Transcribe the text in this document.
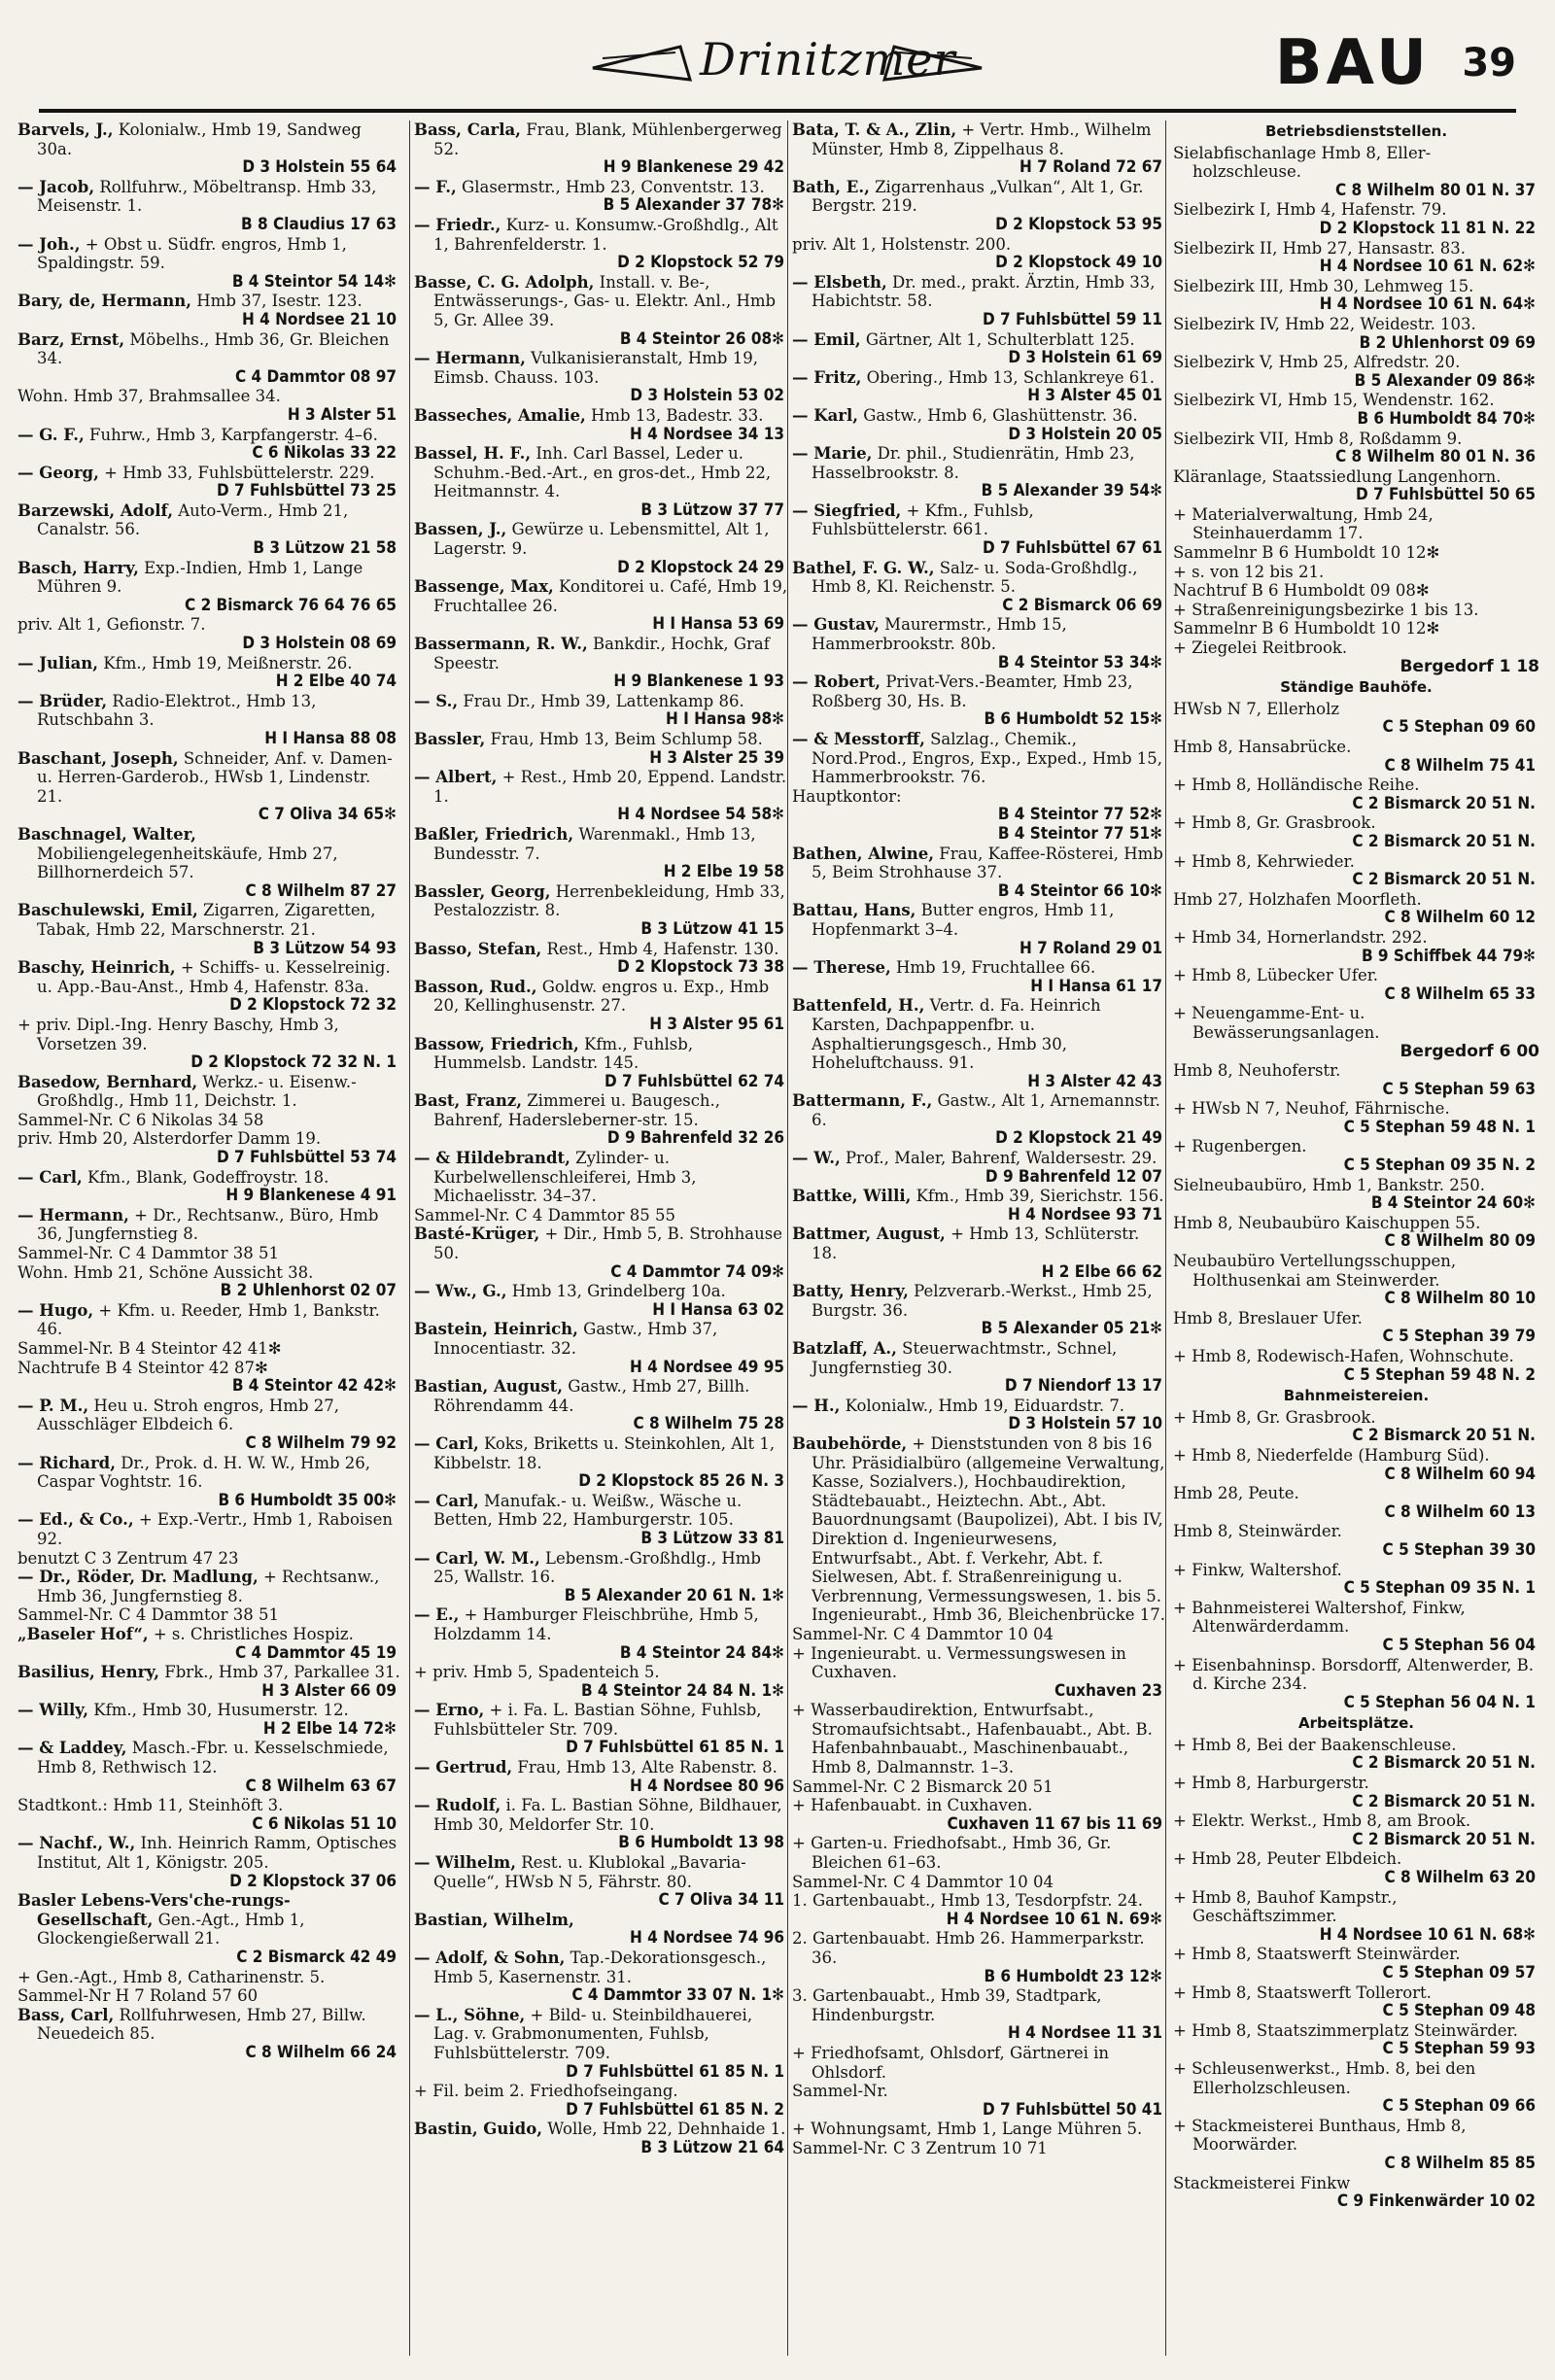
Drinitzmer	BAU 39
Barvels, J., Kolonialw., Hmb 19, Sandweg 30a.
D 3 Holstein 55 64
— Jacob, Rollfuhrw., Möbeltransp. Hmb 33, Meisenstr. 1.
B 8 Claudius 17 63
— Joh., + Obst u. Südfr. engros, Hmb 1, Spaldingstr. 59.
B 4 Steintor 54 14✻
Bary, de, Hermann, Hmb 37, Isestr. 123.
H 4 Nordsee 21 10
Barz, Ernst, Möbelhs., Hmb 36, Gr. Bleichen 34.
C 4 Dammtor 08 97
Wohn. Hmb 37, Brahmsallee 34.
H 3 Alster 51
— G. F., Fuhrw., Hmb 3, Karpfangerstr. 4–6.
C 6 Nikolas 33 22
— Georg, + Hmb 33, Fuhlsbüttelerstr. 229.
D 7 Fuhlsbüttel 73 25
Barzewski, Adolf, Auto-Verm., Hmb 21, Canalstr. 56.
B 3 Lützow 21 58
Basch, Harry, Exp.-Indien, Hmb 1, Lange Mühren 9.
C 2 Bismarck 76 64 76 65
priv. Alt 1, Gefionstr. 7.
D 3 Holstein 08 69
— Julian, Kfm., Hmb 19, Meißnerstr. 26.
H 2 Elbe 40 74
— Brüder, Radio-Elektrot., Hmb 13, Rutschbahn 3.
H I Hansa 88 08
Baschant, Joseph, Schneider, Anf. v. Damen- u. Herren-Garderob., HWsb 1, Lindenstr. 21.
C 7 Oliva 34 65✻
Baschnagel, Walter, Mobiliengelegenheitskäufe, Hmb 27, Billhornerdeich 57.
C 8 Wilhelm 87 27
Baschulewski, Emil, Zigarren, Zigaretten, Tabak, Hmb 22, Marschnerstr. 21.
B 3 Lützow 54 93
Baschy, Heinrich, + Schiffs- u. Kesselreinig. u. App.-Bau-Anst., Hmb 4, Hafenstr. 83a.
D 2 Klopstock 72 32
+ priv. Dipl.-Ing. Henry Baschy, Hmb 3, Vorsetzen 39.
D 2 Klopstock 72 32 N. 1
Basedow, Bernhard, Werkz.- u. Eisenw.-Großhdlg., Hmb 11, Deichstr. 1.
Sammel-Nr. C 6 Nikolas 34 58
priv. Hmb 20, Alsterdorfer Damm 19.
D 7 Fuhlsbüttel 53 74
— Carl, Kfm., Blank, Godeffroystr. 18.
H 9 Blankenese 4 91
— Hermann, + Dr., Rechtsanw., Büro, Hmb 36, Jungfernstieg 8.
Sammel-Nr. C 4 Dammtor 38 51
Wohn. Hmb 21, Schöne Aussicht 38.
B 2 Uhlenhorst 02 07
— Hugo, + Kfm. u. Reeder, Hmb 1, Bankstr. 46.
Sammel-Nr. B 4 Steintor 42 41✻
Nachtrufe B 4 Steintor 42 87✻
B 4 Steintor 42 42✻
— P. M., Heu u. Stroh engros, Hmb 27, Ausschläger Elbdeich 6.
C 8 Wilhelm 79 92
— Richard, Dr., Prok. d. H. W. W., Hmb 26, Caspar Voghtstr. 16.
B 6 Humboldt 35 00✻
— Ed., & Co., + Exp.-Vertr., Hmb 1, Raboisen 92.
benutzt C 3 Zentrum 47 23
— Dr., Röder, Dr. Madlung, + Rechtsanw., Hmb 36, Jungfernstieg 8.
Sammel-Nr. C 4 Dammtor 38 51
„Baseler Hof“, + s. Christliches Hospiz.
C 4 Dammtor 45 19
Basilius, Henry, Fbrk., Hmb 37, Parkallee 31.
H 3 Alster 66 09
— Willy, Kfm., Hmb 30, Husumerstr. 12.
H 2 Elbe 14 72✻
— & Laddey, Masch.-Fbr. u. Kesselschmiede, Hmb 8, Rethwisch 12.
C 8 Wilhelm 63 67
Stadtkont.: Hmb 11, Steinhöft 3.
C 6 Nikolas 51 10
— Nachf., W., Inh. Heinrich Ramm, Optisches Institut, Alt 1, Königstr. 205.
D 2 Klopstock 37 06
Basler Lebens-Vers'che-rungs-Gesellschaft, Gen.-Agt., Hmb 1, Glockengießerwall 21.
C 2 Bismarck 42 49
+ Gen.-Agt., Hmb 8, Catharinenstr. 5.
Sammel-Nr H 7 Roland 57 60
Bass, Carl, Rollfuhrwesen, Hmb 27, Billw. Neuedeich 85.
C 8 Wilhelm 66 24
Bass, Carla, Frau, Blank, Mühlenbergerweg 52.
H 9 Blankenese 29 42
— F., Glasermstr., Hmb 23, Conventstr. 13.
B 5 Alexander 37 78✻
— Friedr., Kurz- u. Konsumw.-Großhdlg., Alt 1, Bahrenfelderstr. 1.
D 2 Klopstock 52 79
Basse, C. G. Adolph, Install. v. Be-, Entwässerungs-, Gas- u. Elektr. Anl., Hmb 5, Gr. Allee 39.
B 4 Steintor 26 08✻
— Hermann, Vulkanisieranstalt, Hmb 19, Eimsb. Chauss. 103.
D 3 Holstein 53 02
Basseches, Amalie, Hmb 13, Badestr. 33.
H 4 Nordsee 34 13
Bassel, H. F., Inh. Carl Bassel, Leder u. Schuhm.-Bed.-Art., en gros-det., Hmb 22, Heitmannstr. 4.
B 3 Lützow 37 77
Bassen, J., Gewürze u. Lebensmittel, Alt 1, Lagerstr. 9.
D 2 Klopstock 24 29
Bassenge, Max, Konditorei u. Café, Hmb 19, Fruchtallee 26.
H I Hansa 53 69
Bassermann, R. W., Bankdir., Hochk, Graf Speestr.
H 9 Blankenese 1 93
— S., Frau Dr., Hmb 39, Lattenkamp 86.
H I Hansa 98✻
Bassler, Frau, Hmb 13, Beim Schlump 58.
H 3 Alster 25 39
— Albert, + Rest., Hmb 20, Eppend. Landstr. 1.
H 4 Nordsee 54 58✻
Baßler, Friedrich, Warenmakl., Hmb 13, Bundesstr. 7.
H 2 Elbe 19 58
Bassler, Georg, Herrenbekleidung, Hmb 33, Pestalozzistr. 8.
B 3 Lützow 41 15
Basso, Stefan, Rest., Hmb 4, Hafenstr. 130.
D 2 Klopstock 73 38
Basson, Rud., Goldw. engros u. Exp., Hmb 20, Kellinghusenstr. 27.
H 3 Alster 95 61
Bassow, Friedrich, Kfm., Fuhlsb, Hummelsb. Landstr. 145.
D 7 Fuhlsbüttel 62 74
Bast, Franz, Zimmerei u. Baugesch., Bahrenf, Hadersleberner-str. 15.
D 9 Bahrenfeld 32 26
— & Hildebrandt, Zylinder- u. Kurbelwellenschleiferei, Hmb 3, Michaelisstr. 34–37.
Sammel-Nr. C 4 Dammtor 85 55
Basté-Krüger, + Dir., Hmb 5, B. Strohhause 50.
C 4 Dammtor 74 09✻
— Ww., G., Hmb 13, Grindelberg 10a.
H I Hansa 63 02
Bastein, Heinrich, Gastw., Hmb 37, Innocentiastr. 32.
H 4 Nordsee 49 95
Bastian, August, Gastw., Hmb 27, Billh. Röhrendamm 44.
C 8 Wilhelm 75 28
— Carl, Koks, Briketts u. Steinkohlen, Alt 1, Kibbelstr. 18.
D 2 Klopstock 85 26 N. 3
— Carl, Manufak.- u. Weißw., Wäsche u. Betten, Hmb 22, Hamburgerstr. 105.
B 3 Lützow 33 81
— Carl, W. M., Lebensm.-Großhdlg., Hmb 25, Wallstr. 16.
B 5 Alexander 20 61 N. 1✻
— E., + Hamburger Fleischbrühe, Hmb 5, Holzdamm 14.
B 4 Steintor 24 84✻
+ priv. Hmb 5, Spadenteich 5.
B 4 Steintor 24 84 N. 1✻
— Erno, + i. Fa. L. Bastian Söhne, Fuhlsb, Fuhlsbütteler Str. 709.
D 7 Fuhlsbüttel 61 85 N. 1
— Gertrud, Frau, Hmb 13, Alte Rabenstr. 8.
H 4 Nordsee 80 96
— Rudolf, i. Fa. L. Bastian Söhne, Bildhauer, Hmb 30, Meldorfer Str. 10.
B 6 Humboldt 13 98
— Wilhelm, Rest. u. Klublokal „Bavaria-Quelle“, HWsb N 5, Fährstr. 80.
C 7 Oliva 34 11
Bastian, Wilhelm,
H 4 Nordsee 74 96
— Adolf, & Sohn, Tap.-Dekorationsgesch., Hmb 5, Kasernenstr. 31.
C 4 Dammtor 33 07 N. 1✻
— L., Söhne, + Bild- u. Steinbildhauerei, Lag. v. Grabmonumenten, Fuhlsb, Fuhlsbüttelerstr. 709.
D 7 Fuhlsbüttel 61 85 N. 1
+ Fil. beim 2. Friedhofseingang.
D 7 Fuhlsbüttel 61 85 N. 2
Bastin, Guido, Wolle, Hmb 22, Dehnhaide 1.
B 3 Lützow 21 64
Bata, T. & A., Zlin, + Vertr. Hmb., Wilhelm Münster, Hmb 8, Zippelhaus 8.
H 7 Roland 72 67
Bath, E., Zigarrenhaus „Vulkan“, Alt 1, Gr. Bergstr. 219.
D 2 Klopstock 53 95
priv. Alt 1, Holstenstr. 200.
D 2 Klopstock 49 10
— Elsbeth, Dr. med., prakt. Ärztin, Hmb 33, Habichtstr. 58.
D 7 Fuhlsbüttel 59 11
— Emil, Gärtner, Alt 1, Schulterblatt 125.
D 3 Holstein 61 69
— Fritz, Obering., Hmb 13, Schlankreye 61.
H 3 Alster 45 01
— Karl, Gastw., Hmb 6, Glashüttenstr. 36.
D 3 Holstein 20 05
— Marie, Dr. phil., Studienrätin, Hmb 23, Hasselbrookstr. 8.
B 5 Alexander 39 54✻
— Siegfried, + Kfm., Fuhlsb, Fuhlsbüttelerstr. 661.
D 7 Fuhlsbüttel 67 61
Bathel, F. G. W., Salz- u. Soda-Großhdlg., Hmb 8, Kl. Reichenstr. 5.
C 2 Bismarck 06 69
— Gustav, Maurermstr., Hmb 15, Hammerbrookstr. 80b.
B 4 Steintor 53 34✻
— Robert, Privat-Vers.-Beamter, Hmb 23, Roßberg 30, Hs. B.
B 6 Humboldt 52 15✻
— & Messtorff, Salzlag., Chemik., Nord.Prod., Engros, Exp., Exped., Hmb 15, Hammerbrookstr. 76.
Hauptkontor:
B 4 Steintor 77 52✻
B 4 Steintor 77 51✻
Bathen, Alwine, Frau, Kaffee-Rösterei, Hmb 5, Beim Strohhause 37.
B 4 Steintor 66 10✻
Battau, Hans, Butter engros, Hmb 11, Hopfenmarkt 3–4.
H 7 Roland 29 01
— Therese, Hmb 19, Fruchtallee 66.
H I Hansa 61 17
Battenfeld, H., Vertr. d. Fa. Heinrich Karsten, Dachpappenfbr. u. Asphaltierungsgesch., Hmb 30, Hoheluftchauss. 91.
H 3 Alster 42 43
Battermann, F., Gastw., Alt 1, Arnemannstr. 6.
D 2 Klopstock 21 49
— W., Prof., Maler, Bahrenf, Waldersestr. 29.
D 9 Bahrenfeld 12 07
Battke, Willi, Kfm., Hmb 39, Sierichstr. 156.
H 4 Nordsee 93 71
Battmer, August, + Hmb 13, Schlüterstr. 18.
H 2 Elbe 66 62
Batty, Henry, Pelzverarb.-Werkst., Hmb 25, Burgstr. 36.
B 5 Alexander 05 21✻
Batzlaff, A., Steuerwachtmstr., Schnel, Jungfernstieg 30.
D 7 Niendorf 13 17
— H., Kolonialw., Hmb 19, Eiduardstr. 7.
D 3 Holstein 57 10
Baubehörde, + Dienststunden von 8 bis 16 Uhr. Präsidialbüro (allgemeine Verwaltung, Kasse, Sozialvers.), Hochbaudirektion, Städtebauabt., Heiztechn. Abt., Abt. Bauordnungsamt (Baupolizei), Abt. I bis IV, Direktion d. Ingenieurwesens, Entwurfsabt., Abt. f. Verkehr, Abt. f. Sielwesen, Abt. f. Straßenreinigung u. Verbrennung, Vermessungswesen, 1. bis 5. Ingenieurabt., Hmb 36, Bleichenbrücke 17.
Sammel-Nr. C 4 Dammtor 10 04
+ Ingenieurabt. u. Vermessungswesen in Cuxhaven.
Cuxhaven 23
+ Wasserbaudirektion, Entwurfsabt., Stromaufsichtsabt., Hafenbauabt., Abt. B. Hafenbahnbauabt., Maschinenbauabt., Hmb 8, Dalmannstr. 1–3.
Sammel-Nr. C 2 Bismarck 20 51
+ Hafenbauabt. in Cuxhaven.
Cuxhaven 11 67 bis 11 69
+ Garten-u. Friedhofsabt., Hmb 36, Gr. Bleichen 61–63.
Sammel-Nr. C 4 Dammtor 10 04
1. Gartenbauabt., Hmb 13, Tesdorpfstr. 24.
H 4 Nordsee 10 61 N. 69✻
2. Gartenbauabt. Hmb 26. Hammerparkstr. 36.
B 6 Humboldt 23 12✻
3. Gartenbauabt., Hmb 39, Stadtpark, Hindenburgstr.
H 4 Nordsee 11 31
+ Friedhofsamt, Ohlsdorf, Gärtnerei in Ohlsdorf.
Sammel-Nr.
D 7 Fuhlsbüttel 50 41
+ Wohnungsamt, Hmb 1, Lange Mühren 5.
Sammel-Nr. C 3 Zentrum 10 71
Betriebsdienststellen.
Sielabfischanlage Hmb 8, Eller-holzschleuse.
C 8 Wilhelm 80 01 N. 37
Sielbezirk I, Hmb 4, Hafenstr. 79.
D 2 Klopstock 11 81 N. 22
Sielbezirk II, Hmb 27, Hansastr. 83.
H 4 Nordsee 10 61 N. 62✻
Sielbezirk III, Hmb 30, Lehmweg 15.
H 4 Nordsee 10 61 N. 64✻
Sielbezirk IV, Hmb 22, Weidestr. 103.
B 2 Uhlenhorst 09 69
Sielbezirk V, Hmb 25, Alfredstr. 20.
B 5 Alexander 09 86✻
Sielbezirk VI, Hmb 15, Wendenstr. 162.
B 6 Humboldt 84 70✻
Sielbezirk VII, Hmb 8, Roßdamm 9.
C 8 Wilhelm 80 01 N. 36
Kläranlage, Staatssiedlung Langenhorn.
D 7 Fuhlsbüttel 50 65
+ Materialverwaltung, Hmb 24, Steinhauerdamm 17.
Sammelnr B 6 Humboldt 10 12✻
+ s. von 12 bis 21.
Nachtruf B 6 Humboldt 09 08✻
+ Straßenreinigungsbezirke 1 bis 13.
Sammelnr B 6 Humboldt 10 12✻
+ Ziegelei Reitbrook.
Bergedorf 1 18
Ständige Bauhöfe.
HWsb N 7, Ellerholz
C 5 Stephan 09 60
Hmb 8, Hansabrücke.
C 8 Wilhelm 75 41
+ Hmb 8, Holländische Reihe.
C 2 Bismarck 20 51 N.
+ Hmb 8, Gr. Grasbrook.
C 2 Bismarck 20 51 N.
+ Hmb 8, Kehrwieder.
C 2 Bismarck 20 51 N.
Hmb 27, Holzhafen Moorfleth.
C 8 Wilhelm 60 12
+ Hmb 34, Hornerlandstr. 292.
B 9 Schiffbek 44 79✻
+ Hmb 8, Lübecker Ufer.
C 8 Wilhelm 65 33
+ Neuengamme-Ent- u. Bewässerungsanlagen.
Bergedorf 6 00
Hmb 8, Neuhoferstr.
C 5 Stephan 59 63
+ HWsb N 7, Neuhof, Fährnische.
C 5 Stephan 59 48 N. 1
+ Rugenbergen.
C 5 Stephan 09 35 N. 2
Sielneubaubüro, Hmb 1, Bankstr. 250.
B 4 Steintor 24 60✻
Hmb 8, Neubaubüro Kaischuppen 55.
C 8 Wilhelm 80 09
Neubaubüro Vertellungsschuppen, Holthusenkai am Steinwerder.
C 8 Wilhelm 80 10
Hmb 8, Breslauer Ufer.
C 5 Stephan 39 79
+ Hmb 8, Rodewisch-Hafen, Wohnschute.
C 5 Stephan 59 48 N. 2
Bahnmeistereien.
+ Hmb 8, Gr. Grasbrook.
C 2 Bismarck 20 51 N.
+ Hmb 8, Niederfelde (Hamburg Süd).
C 8 Wilhelm 60 94
Hmb 28, Peute.
C 8 Wilhelm 60 13
Hmb 8, Steinwärder.
C 5 Stephan 39 30
+ Finkw, Waltershof.
C 5 Stephan 09 35 N. 1
+ Bahnmeisterei Waltershof, Finkw, Altenwärderdamm.
C 5 Stephan 56 04
+ Eisenbahninsp. Borsdorff, Altenwerder, B. d. Kirche 234.
C 5 Stephan 56 04 N. 1
Arbeitsplätze.
+ Hmb 8, Bei der Baakenschleuse.
C 2 Bismarck 20 51 N.
+ Hmb 8, Harburgerstr.
C 2 Bismarck 20 51 N.
+ Elektr. Werkst., Hmb 8, am Brook.
C 2 Bismarck 20 51 N.
+ Hmb 28, Peuter Elbdeich.
C 8 Wilhelm 63 20
+ Hmb 8, Bauhof Kampstr., Geschäftszimmer.
H 4 Nordsee 10 61 N. 68✻
+ Hmb 8, Staatswerft Steinwärder.
C 5 Stephan 09 57
+ Hmb 8, Staatswerft Tollerort.
C 5 Stephan 09 48
+ Hmb 8, Staatszimmerplatz Steinwärder.
C 5 Stephan 59 93
+ Schleusenwerkst., Hmb. 8, bei den Ellerholzschleusen.
C 5 Stephan 09 66
+ Stackmeisterei Bunthaus, Hmb 8, Moorwärder.
C 8 Wilhelm 85 85
Stackmeisterei Finkw
C 9 Finkenwärder 10 02
